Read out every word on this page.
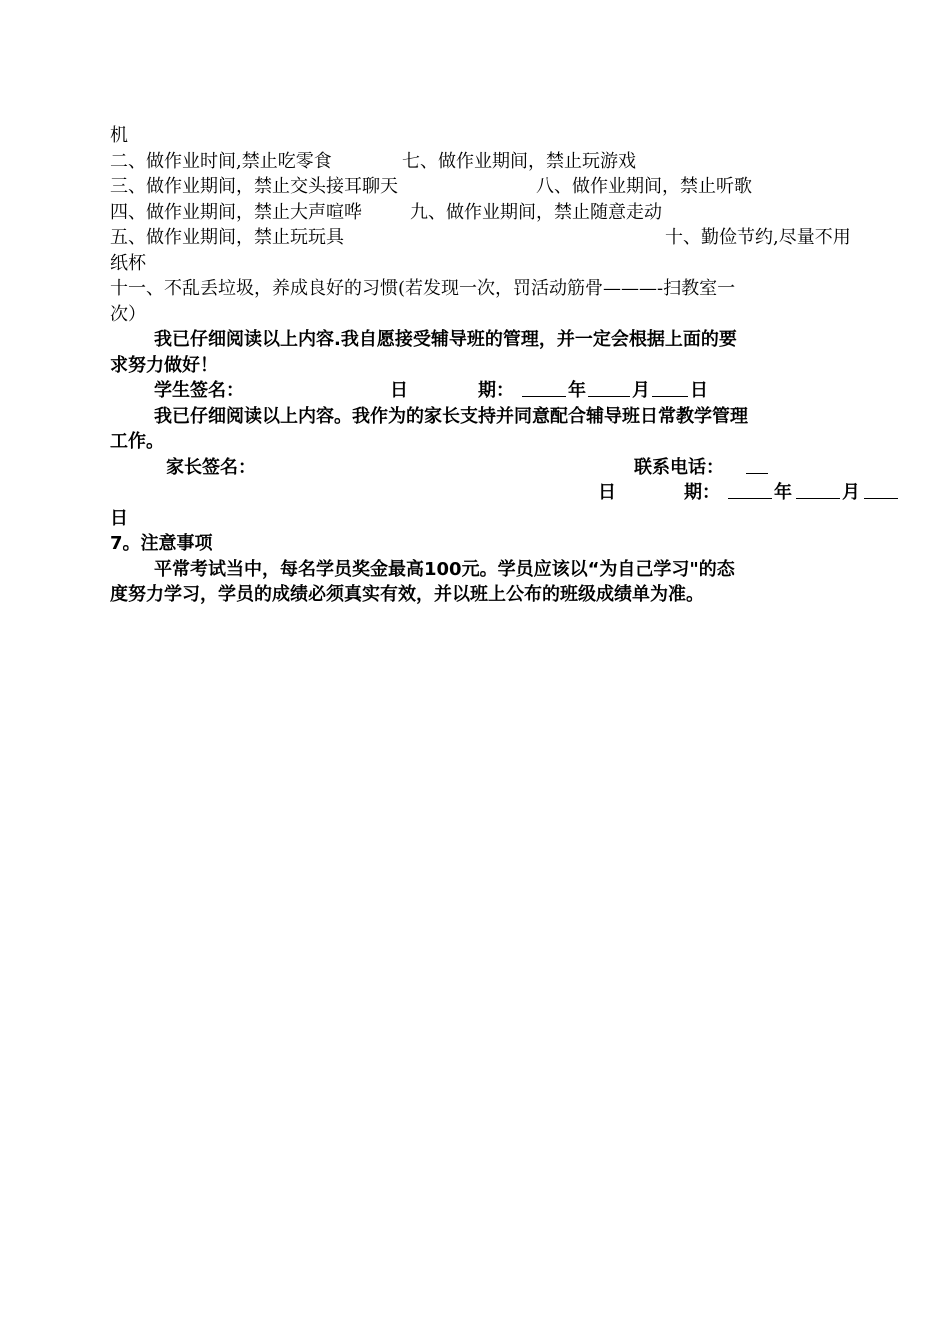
机
二、做作业时间,禁止吃零食	七、做作业期间，禁止玩游戏
三、做作业期间，禁止交头接耳聊天	八、做作业期间，禁止听歌
四、做作业期间，禁止大声喧哗	九、做作业期间，禁止随意走动
五、做作业期间，禁止玩玩具	十、勤俭节约,尽量不用
纸杯
十一、不乱丢垃圾，养成良好的习惯(若发现一次，罚活动筋骨———-扫教室一
次）
我已仔细阅读以上内容.我自愿接受辅导班的管理，并一定会根据上面的要
求努力做好！
学生签名：	日	期：	年	月 日
我已仔细阅读以上内容。我作为的家长支持并同意配合辅导班日常教学管理
工作。
家长签名：	联系电话：
日	期：	年	月
日
7。注意事项
平常考试当中，每名学员奖金最高100元。学员应该以“为自己学习"的态
度努力学习，学员的成绩必须真实有效，并以班上公布的班级成绩单为准。
